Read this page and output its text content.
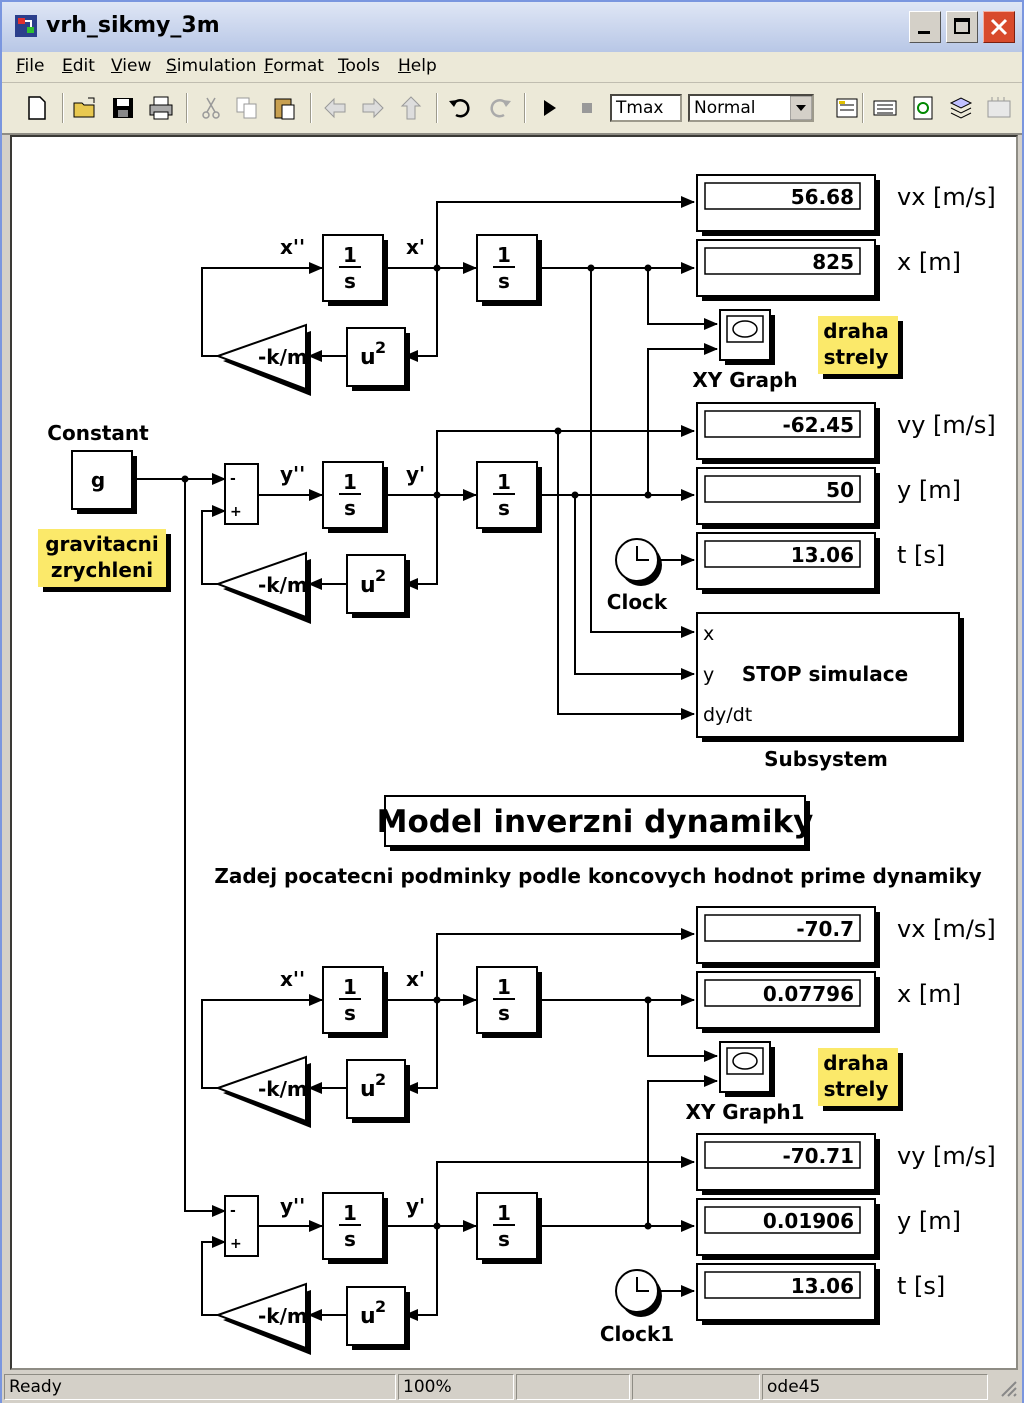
vrh_sikmy_3m
File Edit View Simulation Format Tools Help
Tmax	Normal
1
s
1
s
u 2
-k/m
x''	x'
56.68
825
-62.45
50
13.06
vx [m/s]
x [m]
vy [m/s]
y [m]
t [s]
XY Graph
draha
strely
Constant
g
gravitacni
zrychleni
-
+
y''	y'
1
s
1
s
u 2
-k/m
Clock
x
y
dy/dt
STOP simulace
Subsystem
Model inverzni dynamiky
Zadej pocatecni podminky podle koncovych hodnot prime dynamiky
x''	x'
1
s
1
s
u 2
-k/m
-70.7
0.07796
-70.71
0.01906
13.06
vx [m/s]
x [m]
vy [m/s]
y [m]
t [s]
XY Graph1
draha
strely
-
+
y''	y'
1
s
1
s
u 2
-k/m
Clock1
Ready	100%	ode45
